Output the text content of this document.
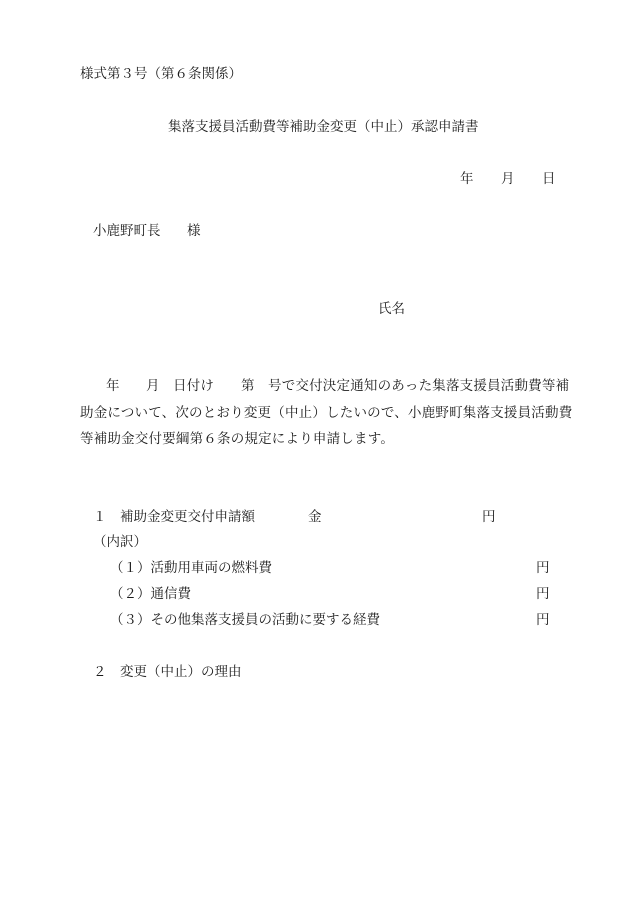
様式第３号（第６条関係）
集落支援員活動費等補助金変更（中止）承認申請書
年 月 日
小鹿野町長 様
氏名
年 月 日付け 第 号で交付決定通知のあった集落支援員活動費等補
助金について、次のとおり変更（中止）したいので、小鹿野町集落支援員活動費
等補助金交付要綱第６条の規定により申請します。
１ 補助金変更交付申請額	金	円
（内訳）
（１）活動用車両の燃料費	円
（２）通信費	円
（３）その他集落支援員の活動に要する経費	円
２ 変更（中止）の理由
